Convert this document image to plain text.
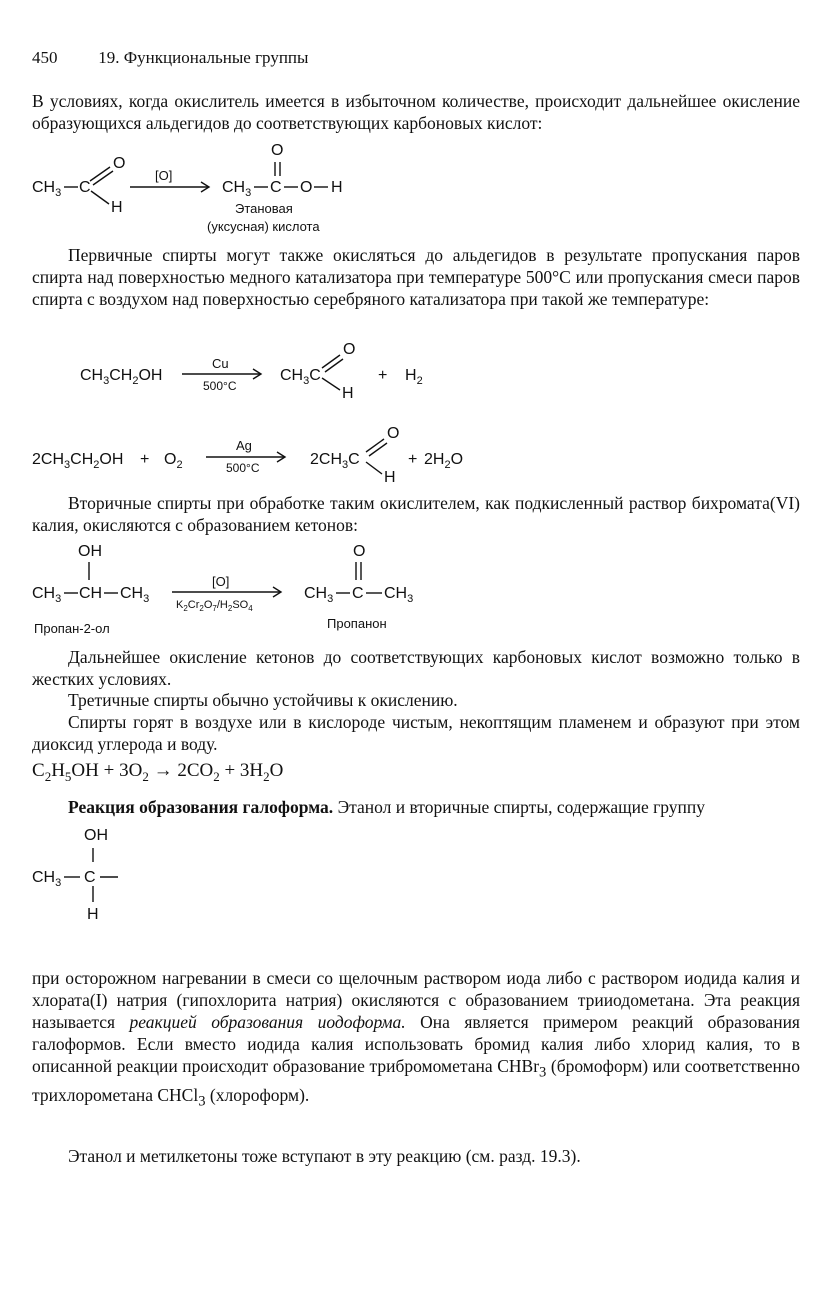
450 19. Функциональные группы

В условиях, когда окислитель имеется в избыточном количестве, происходит дальнейшее окисление образующихся альдегидов до соответствующих карбоновых кислот:

$CH_3$ C
O
H
[O]
$CH_3$ C
O
O H
Этановая
(уксусная) кислота

Первичные спирты могут также окисляться до альдегидов в результате пропускания паров спирта над поверхностью медного катализатора при температуре 500°С или пропускания смеси паров спирта с воздухом над поверхностью серебряного катализатора при такой же температуре:

$CH_3CH_2OH$
Cu
500°C
$CH_3C$
O
H
+ $H_2$
$2CH_3CH_2OH + O_2$
Ag
500°C	$2CH_3C$
O
H
+ $2H_2O$

Вторичные спирты при обработке таким окислителем, как подкисленный раствор бихромата(VI) калия, окисляются с образованием кетонов:

OH
$CH_3$ CH $CH_3$
[O]
$K_2Cr_2O_7/H_2SO_4$
O
$CH_3$ C $CH_3$
Пропан-2-ол	Пропанон

Дальнейшее окисление кетонов до соответствующих карбоновых кислот возможно только в жестких условиях.

Третичные спирты обычно устойчивы к окислению.

Спирты горят в воздухе или в кислороде чистым, некоптящим пламенем и образуют при этом диоксид углерода и воду.

$C_2H_5OH + 3O_2 \to 2CO_2 + 3H_2O$

Реакция образования галоформа. Этанол и вторичные спирты, содержащие группу

OH
$CH_3$ C
H

при осторожном нагревании в смеси со щелочным раствором иода либо с раствором иодида калия и хлората(I) натрия (гипохлорита натрия) окисляются с образованием трииодометана. Эта реакция называется реакцией образования иодоформа. Она является примером реакций образования галоформов. Если вместо иодида калия использовать бромид калия либо хлорид калия, то в описанной реакции происходит образование трибромометана CHBr$_3$ (бромоформ) или соответственно трихлорометана CHCl$_3$ (хлороформ).

Этанол и метилкетоны тоже вступают в эту реакцию (см. разд. 19.3).
